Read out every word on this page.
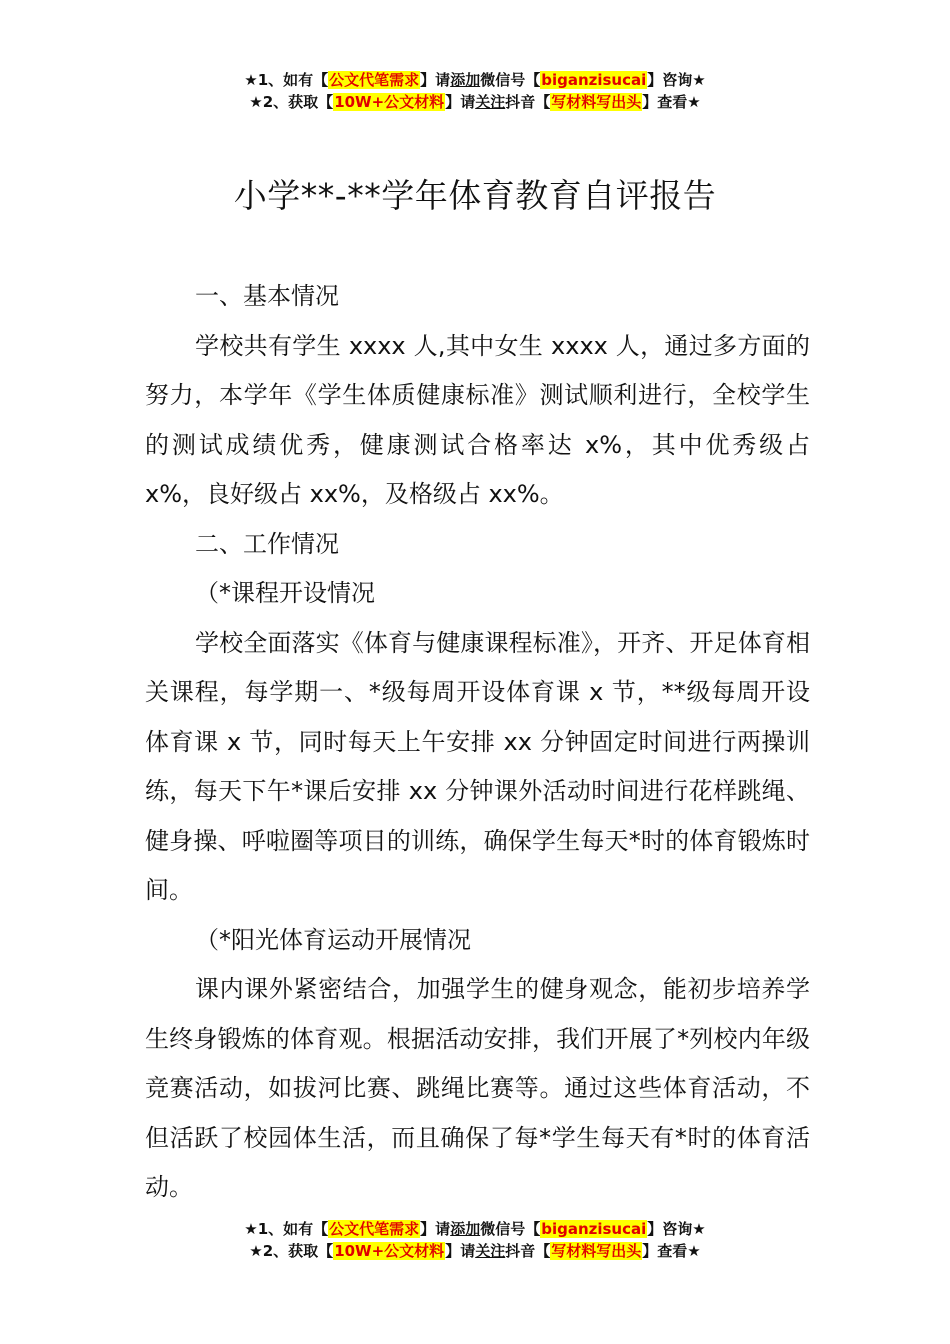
★1、如有【公文代笔需求】请添加微信号【biganzisucai】咨询★
★2、获取【10W+公文材料】请关注抖音【写材料写出头】查看★
小学**-**学年体育教育自评报告

一、基本情况

学校共有学生 xxxx 人,其中女生 xxxx 人，通过多方面的努力，本学年《学生体质健康标准》测试顺利进行，全校学生的测试成绩优秀，健康测试合格率达 x%，其中优秀级占 x%，良好级占 xx%，及格级占 xx%。

二、工作情况

（*课程开设情况

学校全面落实《体育与健康课程标准》，开齐、开足体育相关课程，每学期一、*级每周开设体育课 x 节，**级每周开设体育课 x 节，同时每天上午安排 xx 分钟固定时间进行两操训练，每天下午*课后安排 xx 分钟课外活动时间进行花样跳绳、健身操、呼啦圈等项目的训练，确保学生每天*时的体育锻炼时间。

（*阳光体育运动开展情况

课内课外紧密结合，加强学生的健身观念，能初步培养学生终身锻炼的体育观。根据活动安排，我们开展了*列校内年级竞赛活动，如拔河比赛、跳绳比赛等。通过这些体育活动，不但活跃了校园体生活，而且确保了每*学生每天有*时的体育活动。

★1、如有【公文代笔需求】请添加微信号【biganzisucai】咨询★
★2、获取【10W+公文材料】请关注抖音【写材料写出头】查看★
